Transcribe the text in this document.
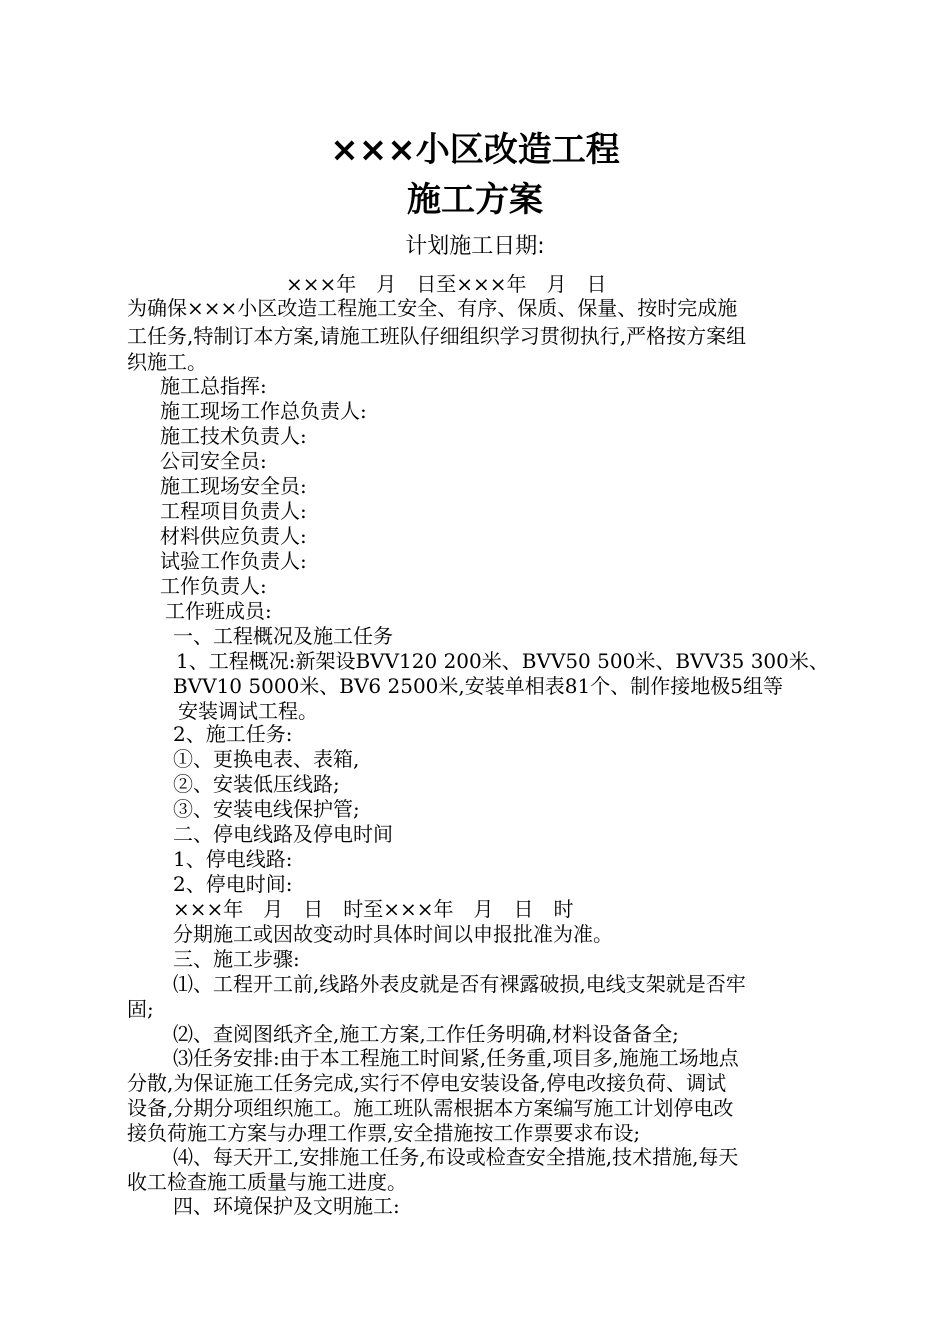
×××小区改造工程
施工方案
计划施工日期:
×××年　月　日至×××年　月　日
为确保×××小区改造工程施工安全、有序、保质、保量、按时完成施
工任务,特制订本方案,请施工班队仔细组织学习贯彻执行,严格按方案组
织施工。
施工总指挥:
施工现场工作总负责人:
施工技术负责人:
公司安全员:
施工现场安全员:
工程项目负责人:
材料供应负责人:
试验工作负责人:
工作负责人:
工作班成员:
一、工程概况及施工任务
1、工程概况:新架设BVV120 200米、BVV50 500米、BVV35 300米、
BVV10 5000米、BV6 2500米,安装单相表81个、制作接地极5组等
安装调试工程。
2、施工任务:
①、更换电表、表箱,
②、安装低压线路;
③、安装电线保护管;
二、停电线路及停电时间
1、停电线路:
2、停电时间:
×××年　月　日　时至×××年　月　日　时
分期施工或因故变动时具体时间以申报批准为准。
三、施工步骤:
⑴、工程开工前,线路外表皮就是否有裸露破损,电线支架就是否牢
固;
⑵、查阅图纸齐全,施工方案,工作任务明确,材料设备备全;
⑶任务安排:由于本工程施工时间紧,任务重,项目多,施施工场地点
分散,为保证施工任务完成,实行不停电安装设备,停电改接负荷、调试
设备,分期分项组织施工。施工班队需根据本方案编写施工计划停电改
接负荷施工方案与办理工作票,安全措施按工作票要求布设;
⑷、每天开工,安排施工任务,布设或检查安全措施,技术措施,每天
收工检查施工质量与施工进度。
四、环境保护及文明施工:
